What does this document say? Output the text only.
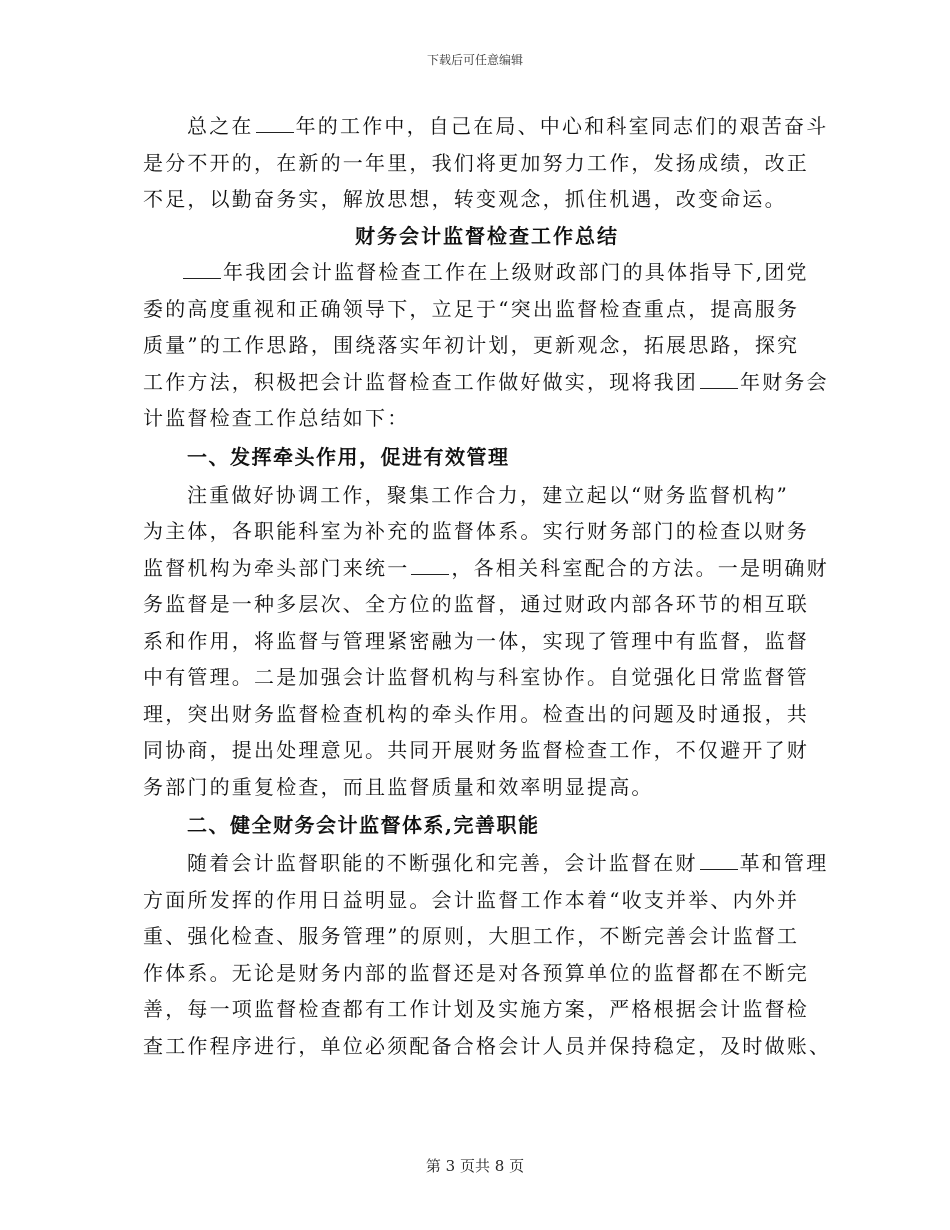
下载后可任意编辑
总之在 年的工作中，自己在局、中心和科室同志们的艰苦奋斗
是分不开的，在新的一年里，我们将更加努力工作，发扬成绩，改正
不足，以勤奋务实，解放思想，转变观念，抓住机遇，改变命运。
财务会计监督检查工作总结
年我团会计监督检查工作在上级财政部门的具体指导下,团党
委的高度重视和正确领导下，立足于“突出监督检查重点，提高服务
质量”的工作思路，围绕落实年初计划，更新观念，拓展思路，探究
工作方法，积极把会计监督检查工作做好做实，现将我团 年财务会
计监督检查工作总结如下：
一、发挥牵头作用，促进有效管理
注重做好协调工作，聚集工作合力，建立起以“财务监督机构”
为主体，各职能科室为补充的监督体系。实行财务部门的检查以财务
监督机构为牵头部门来统一 ，各相关科室配合的方法。一是明确财
务监督是一种多层次、全方位的监督，通过财政内部各环节的相互联
系和作用，将监督与管理紧密融为一体，实现了管理中有监督，监督
中有管理。二是加强会计监督机构与科室协作。自觉强化日常监督管
理，突出财务监督检查机构的牵头作用。检查出的问题及时通报，共
同协商，提出处理意见。共同开展财务监督检查工作，不仅避开了财
务部门的重复检查，而且监督质量和效率明显提高。
二、健全财务会计监督体系,完善职能
随着会计监督职能的不断强化和完善，会计监督在财 革和管理
方面所发挥的作用日益明显。会计监督工作本着“收支并举、内外并
重、强化检查、服务管理”的原则，大胆工作，不断完善会计监督工
作体系。无论是财务内部的监督还是对各预算单位的监督都在不断完
善，每一项监督检查都有工作计划及实施方案，严格根据会计监督检
查工作程序进行，单位必须配备合格会计人员并保持稳定，及时做账、
第 3 页共 8 页
